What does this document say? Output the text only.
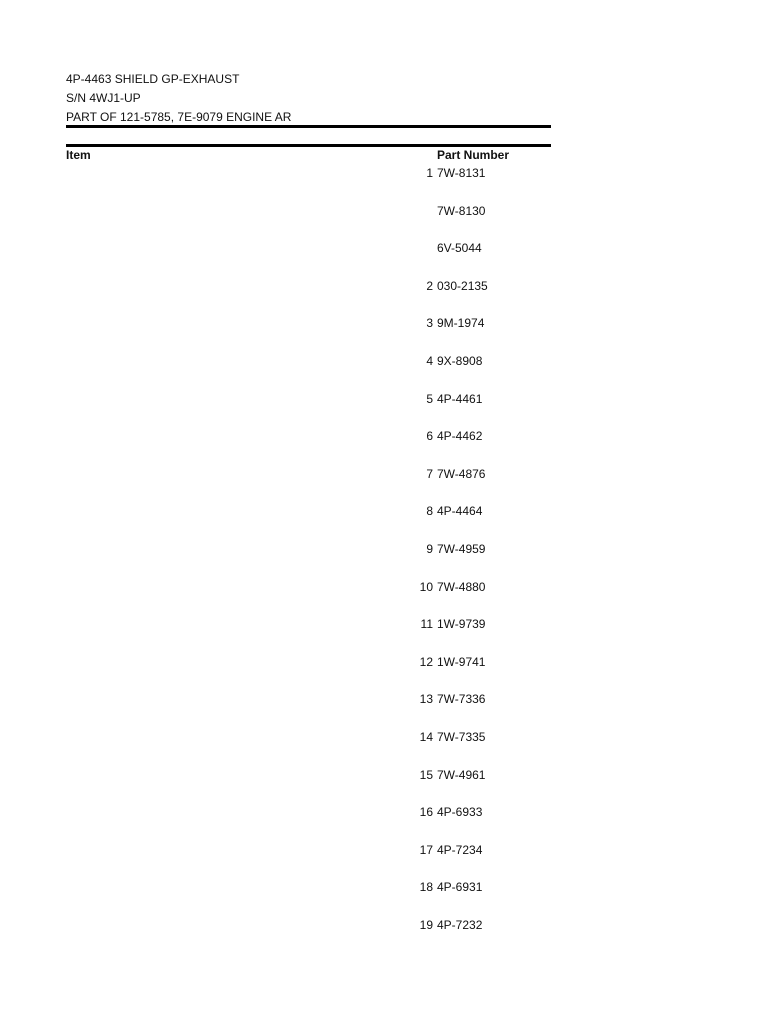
4P-4463 SHIELD GP-EXHAUST
S/N 4WJ1-UP
PART OF 121-5785, 7E-9079 ENGINE AR
Item	Part Number
1 7W-8131
7W-8130
6V-5044
2 030-2135
3 9M-1974
4 9X-8908
5 4P-4461
6 4P-4462
7 7W-4876
8 4P-4464
9 7W-4959
10 7W-4880
11 1W-9739
12 1W-9741
13 7W-7336
14 7W-7335
15 7W-4961
16 4P-6933
17 4P-7234
18 4P-6931
19 4P-7232
